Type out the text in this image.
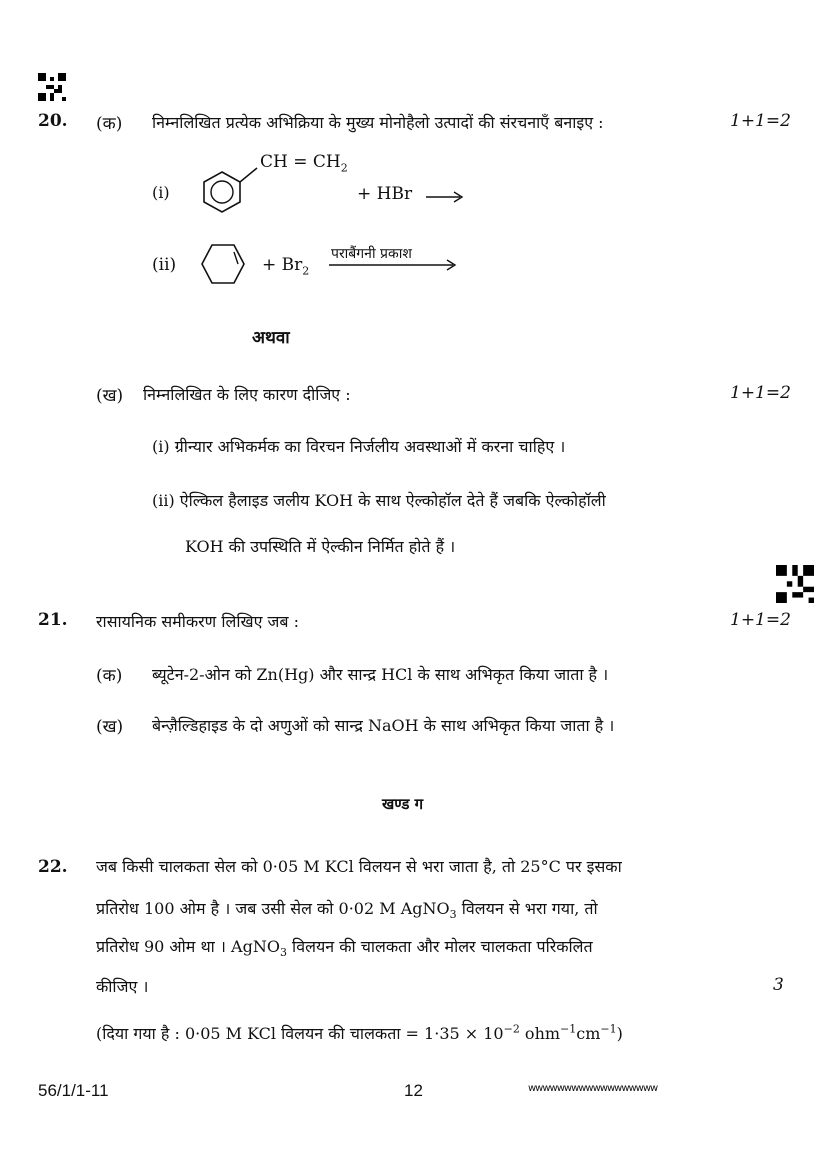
20. (क) निम्नलिखित प्रत्येक अभिक्रिया के मुख्य मोनोहैलो उत्पादों की संरचनाएँ बनाइए :	1+1=2
(i)
CH = $CH_2$
+ HBr
(ii)	+ $Br_2$
पराबैंगनी प्रकाश
अथवा
(ख) निम्नलिखित के लिए कारण दीजिए :	1+1=2
(i) ग्रीन्यार अभिकर्मक का विरचन निर्जलीय अवस्थाओं में करना चाहिए ।
(ii) ऐल्किल हैलाइड जलीय KOH के साथ ऐल्कोहॉल देते हैं जबकि ऐल्कोहॉली
KOH की उपस्थिति में ऐल्कीन निर्मित होते हैं ।
21. रासायनिक समीकरण लिखिए जब :	1+1=2
(क) ब्यूटेन-2-ओन को Zn(Hg) और सान्द्र HCl के साथ अभिकृत किया जाता है ।
(ख) बेन्ज़ैल्डिहाइड के दो अणुओं को सान्द्र NaOH के साथ अभिकृत किया जाता है ।
खण्ड ग
22. जब किसी चालकता सेल को 0·05 M KCl विलयन से भरा जाता है, तो 25°C पर इसका
प्रतिरोध 100 ओम है । जब उसी सेल को 0·02 M AgNO$_3$ विलयन से भरा गया, तो
प्रतिरोध 90 ओम था । AgNO$_3$ विलयन की चालकता और मोलर चालकता परिकलित
कीजिए ।	3
(दिया गया है : 0·05 M KCl विलयन की चालकता = $1\cdot 35 \times 10^{-2}$ $ohm^{-1}cm^{-1}$)
56/1/1-11	12	wwwwwwwwwwwwwwwwww
